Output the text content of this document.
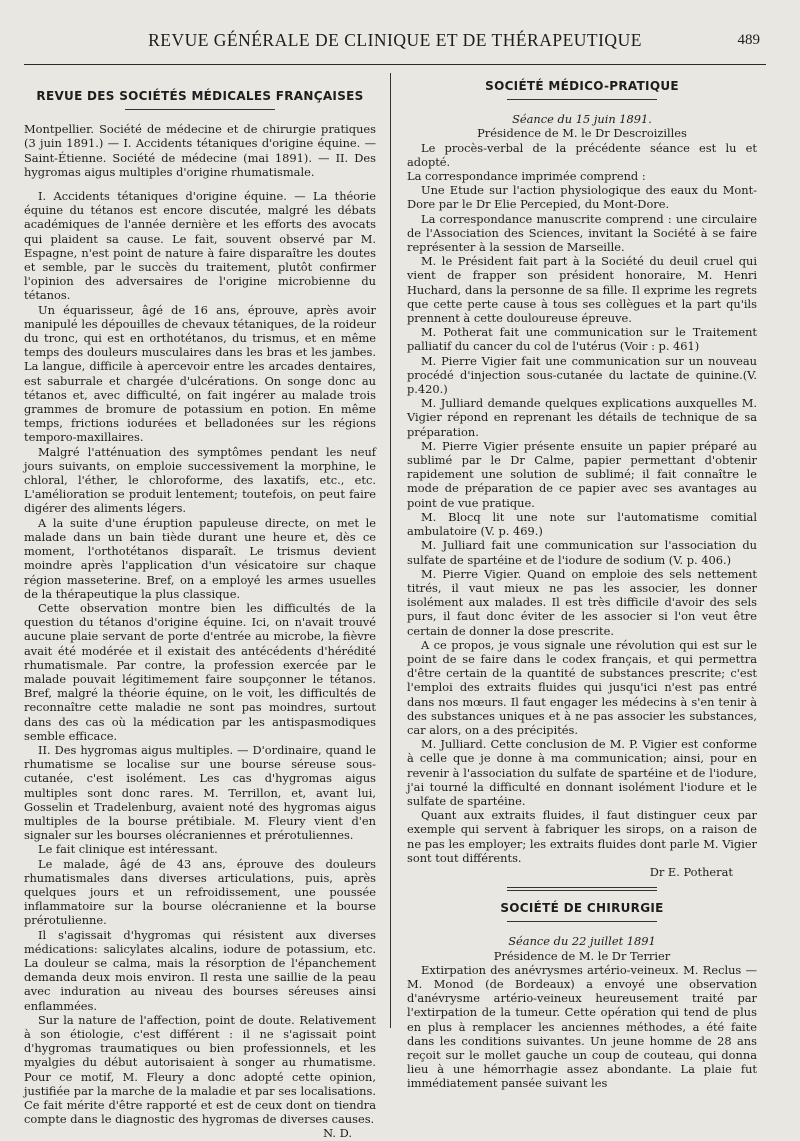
REVUE GÉNÉRALE DE CLINIQUE ET DE THÉRAPEUTIQUE	489
REVUE DES SOCIÉTÉS MÉDICALES FRANÇAISES

Montpellier. Société de médecine et de chirurgie pratiques (3 juin 1891.) — I. Accidents tétaniques d'origine équine. — Saint-Étienne. Société de médecine (mai 1891). — II. Des hygromas aigus multiples d'origine rhumatismale.

I. Accidents tétaniques d'origine équine. — La théorie équine du tétanos est encore discutée, malgré les débats académiques de l'année dernière et les efforts des avocats qui plaident sa cause. Le fait, souvent observé par M. Espagne, n'est point de nature à faire disparaître les doutes et semble, par le succès du traitement, plutôt confirmer l'opinion des adversaires de l'origine microbienne du tétanos.

Un équarisseur, âgé de 16 ans, éprouve, après avoir manipulé les dépouilles de chevaux tétaniques, de la roideur du tronc, qui est en orthotétanos, du trismus, et en même temps des douleurs musculaires dans les bras et les jambes. La langue, difficile à apercevoir entre les arcades dentaires, est saburrale et chargée d'ulcérations. On songe donc au tétanos et, avec difficulté, on fait ingérer au malade trois grammes de bromure de potassium en potion. En même temps, frictions iodurées et belladonées sur les régions temporo-maxillaires.

Malgré l'atténuation des symptômes pendant les neuf jours suivants, on emploie successivement la morphine, le chloral, l'éther, le chloroforme, des laxatifs, etc., etc. L'amélioration se produit lentement; toutefois, on peut faire digérer des aliments légers.

A la suite d'une éruption papuleuse directe, on met le malade dans un bain tiède durant une heure et, dès ce moment, l'orthotétanos disparaît. Le trismus devient moindre après l'application d'un vésicatoire sur chaque région masseterine. Bref, on a employé les armes usuelles de la thérapeutique la plus classique.

Cette observation montre bien les difficultés de la question du tétanos d'origine équine. Ici, on n'avait trouvé aucune plaie servant de porte d'entrée au microbe, la fièvre avait été modérée et il existait des antécédents d'hérédité rhumatismale. Par contre, la profession exercée par le malade pouvait légitimement faire soupçonner le tétanos. Bref, malgré la théorie équine, on le voit, les difficultés de reconnaître cette maladie ne sont pas moindres, surtout dans des cas où la médication par les antispasmodiques semble efficace.

II. Des hygromas aigus multiples. — D'ordinaire, quand le rhumatisme se localise sur une bourse séreuse sous-cutanée, c'est isolément. Les cas d'hygromas aigus multiples sont donc rares. M. Terrillon, et, avant lui, Gosselin et Tradelenburg, avaient noté des hygromas aigus multiples de la bourse prétibiale. M. Fleury vient d'en signaler sur les bourses olécraniennes et prérotuliennes.

Le fait clinique est intéressant.

Le malade, âgé de 43 ans, éprouve des douleurs rhumatismales dans diverses articulations, puis, après quelques jours et un refroidissement, une poussée inflammatoire sur la bourse olécranienne et la bourse prérotulienne.

Il s'agissait d'hygromas qui résistent aux diverses médications: salicylates alcalins, iodure de potassium, etc. La douleur se calma, mais la résorption de l'épanchement demanda deux mois environ. Il resta une saillie de la peau avec induration au niveau des bourses séreuses ainsi enflammées.

Sur la nature de l'affection, point de doute. Relativement à son étiologie, c'est différent : il ne s'agissait point d'hygromas traumatiques ou bien professionnels, et les myalgies du début autorisaient à songer au rhumatisme. Pour ce motif, M. Fleury a donc adopté cette opinion, justifiée par la marche de la maladie et par ses localisations. Ce fait mérite d'être rapporté et est de ceux dont on tiendra compte dans le diagnostic des hygromas de diverses causes.

N. D.

SOCIÉTÉ MÉDICO-PRATIQUE

Séance du 15 juin 1891.

Présidence de M. le Dr Descroizilles

Le procès-verbal de la précédente séance est lu et adopté.

La correspondance imprimée comprend :

Une Etude sur l'action physiologique des eaux du Mont-Dore par le Dr Elie Percepied, du Mont-Dore.

La correspondance manuscrite comprend : une circulaire de l'Association des Sciences, invitant la Société à se faire représenter à la session de Marseille.

M. le Président fait part à la Société du deuil cruel qui vient de frapper son président honoraire, M. Henri Huchard, dans la personne de sa fille. Il exprime les regrets que cette perte cause à tous ses collègues et la part qu'ils prennent à cette douloureuse épreuve.

M. Potherat fait une communication sur le Traitement palliatif du cancer du col de l'utérus (Voir : p. 461)

M. Pierre Vigier fait une communication sur un nouveau procédé d'injection sous-cutanée du lactate de quinine.(V. p.420.)

M. Julliard demande quelques explications auxquelles M. Vigier répond en reprenant les détails de technique de sa préparation.

M. Pierre Vigier présente ensuite un papier préparé au sublimé par le Dr Calme, papier permettant d'obtenir rapidement une solution de sublimé; il fait connaître le mode de préparation de ce papier avec ses avantages au point de vue pratique.

M. Blocq lit une note sur l'automatisme comitial ambulatoire (V. p. 469.)

M. Julliard fait une communication sur l'association du sulfate de spartéine et de l'iodure de sodium (V. p. 406.)

M. Pierre Vigier. Quand on emploie des sels nettement titrés, il vaut mieux ne pas les associer, les donner isolément aux malades. Il est très difficile d'avoir des sels purs, il faut donc éviter de les associer si l'on veut être certain de donner la dose prescrite.

A ce propos, je vous signale une révolution qui est sur le point de se faire dans le codex français, et qui permettra d'être certain de la quantité de substances prescrite; c'est l'emploi des extraits fluides qui jusqu'ici n'est pas entré dans nos mœurs. Il faut engager les médecins à s'en tenir à des substances uniques et à ne pas associer les substances, car alors, on a des précipités.

M. Julliard. Cette conclusion de M. P. Vigier est conforme à celle que je donne à ma communication; ainsi, pour en revenir à l'association du sulfate de spartéine et de l'iodure, j'ai tourné la difficulté en donnant isolément l'iodure et le sulfate de spartéine.

Quant aux extraits fluides, il faut distinguer ceux par exemple qui servent à fabriquer les sirops, on a raison de ne pas les employer; les extraits fluides dont parle M. Vigier sont tout différents.

Dr E. Potherat

SOCIÉTÉ DE CHIRURGIE

Séance du 22 juillet 1891

Présidence de M. le Dr Terrier

Extirpation des anévrysmes artério-veineux. M. Reclus — M. Monod (de Bordeaux) a envoyé une observation d'anévrysme artério-veineux heureusement traité par l'extirpation de la tumeur. Cette opération qui tend de plus en plus à remplacer les anciennes méthodes, a été faite dans les conditions suivantes. Un jeune homme de 28 ans reçoit sur le mollet gauche un coup de couteau, qui donna lieu à une hémorrhagie assez abondante. La plaie fut immédiatement pansée suivant les
